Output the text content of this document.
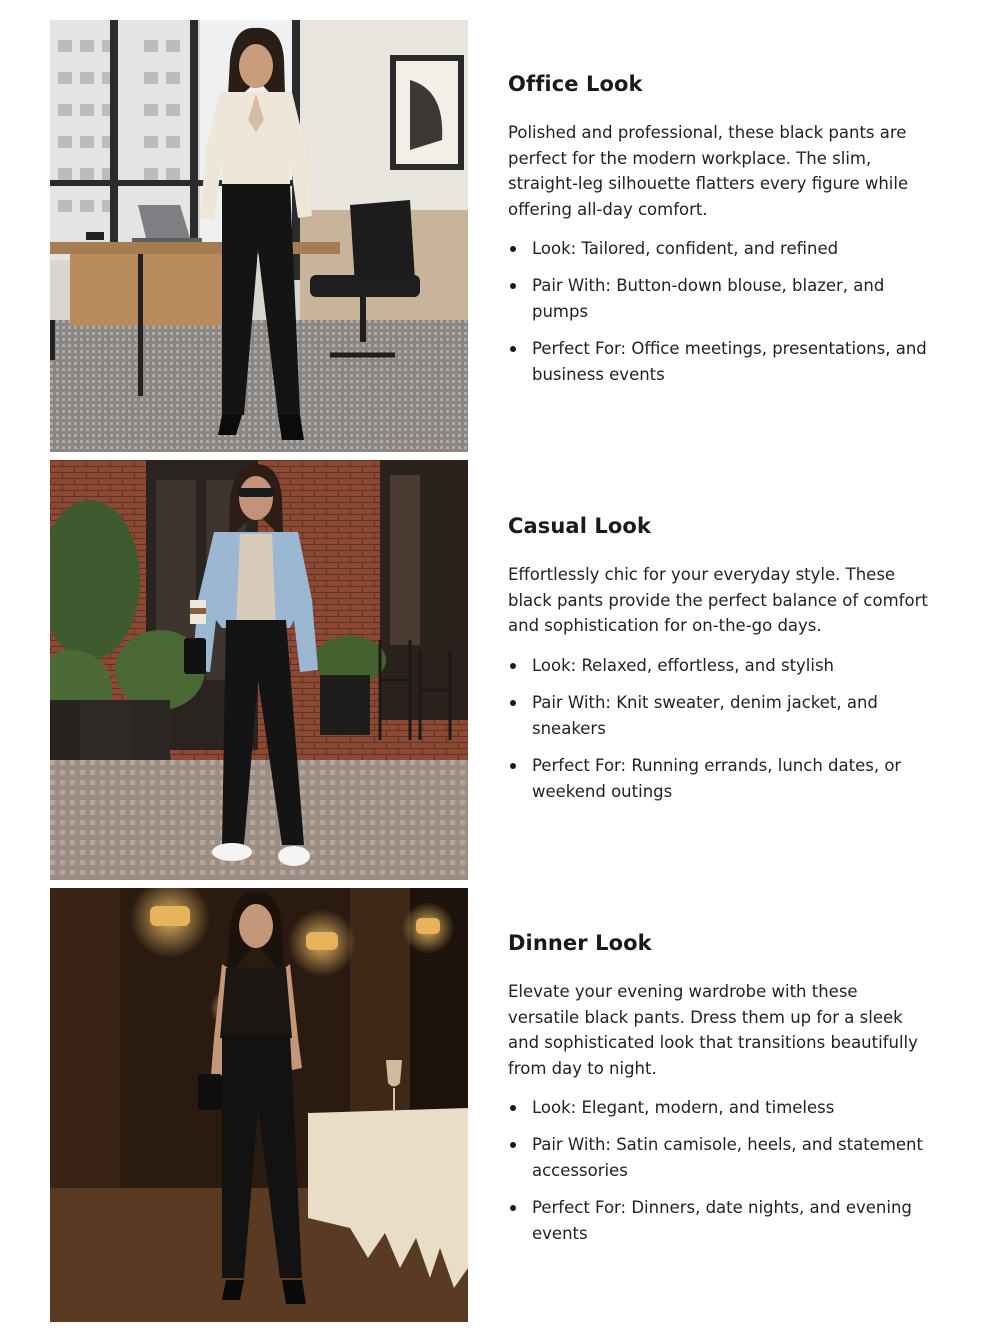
Office Look

Polished and professional, these black pants are perfect for the modern workplace. The slim, straight-leg silhouette flatters every figure while offering all-day comfort.

Look: Tailored, confident, and refined
Pair With: Button-down blouse, blazer, and pumps
Perfect For: Office meetings, presentations, and business events
Casual Look

Effortlessly chic for your everyday style. These black pants provide the perfect balance of comfort and sophistication for on-the-go days.

Look: Relaxed, effortless, and stylish
Pair With: Knit sweater, denim jacket, and sneakers
Perfect For: Running errands, lunch dates, or weekend outings
Dinner Look

Elevate your evening wardrobe with these versatile black pants. Dress them up for a sleek and sophisticated look that transitions beautifully from day to night.

Look: Elegant, modern, and timeless
Pair With: Satin camisole, heels, and statement accessories
Perfect For: Dinners, date nights, and evening events
